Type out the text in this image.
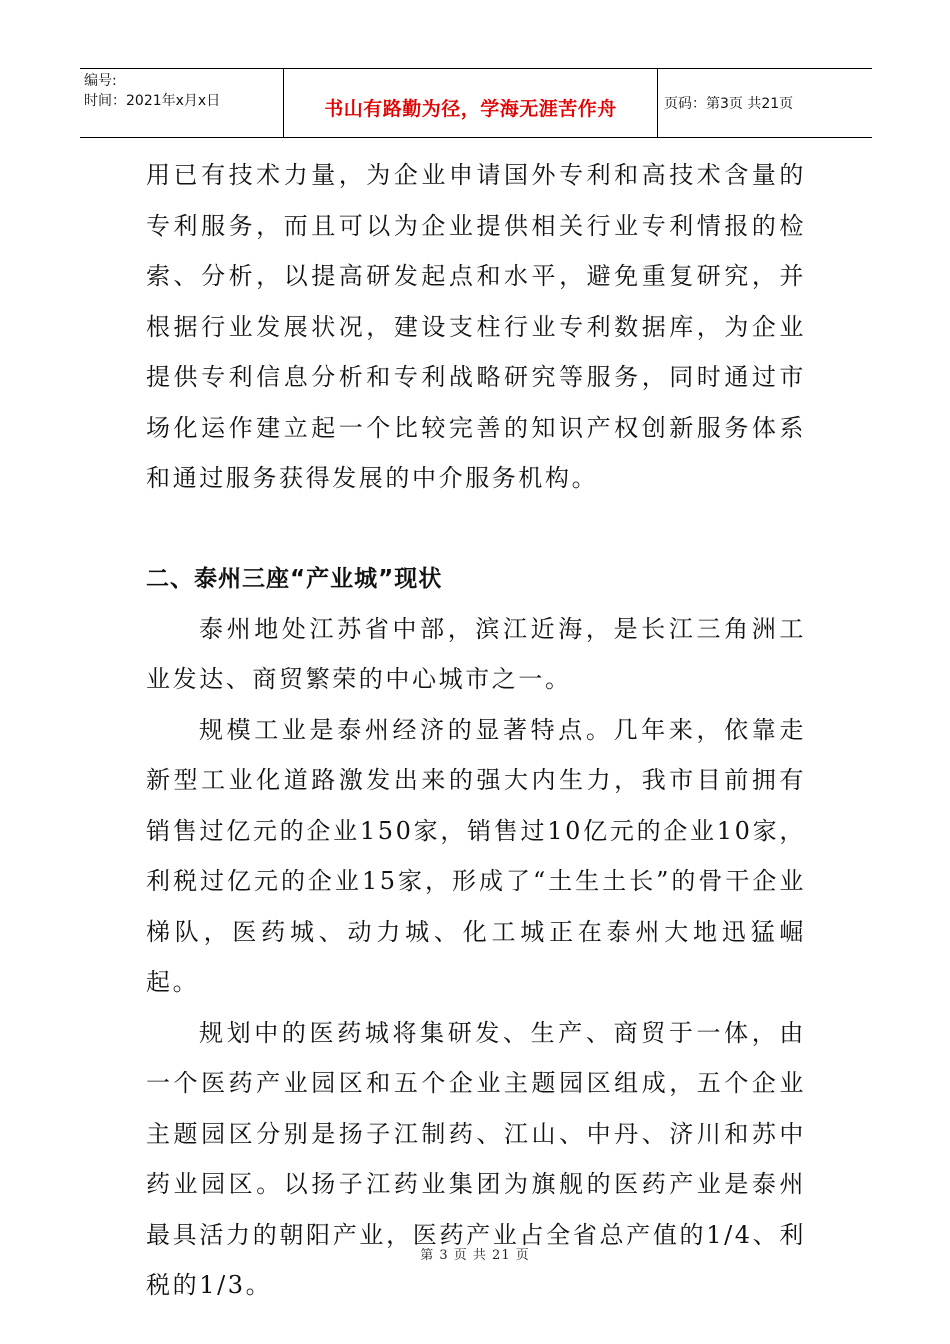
编号:
时间：2021年x月x日	书山有路勤为径，学海无涯苦作舟	页码：第3页 共21页

用已有技术力量，为企业申请国外专利和高技术含量的专利服务，而且可以为企业提供相关行业专利情报的检索、分析，以提高研发起点和水平，避免重复研究，并根据行业发展状况，建设支柱行业专利数据库，为企业提供专利信息分析和专利战略研究等服务，同时通过市场化运作建立起一个比较完善的知识产权创新服务体系和通过服务获得发展的中介服务机构。

二、泰州三座“产业城”现状

泰州地处江苏省中部，滨江近海，是长江三角洲工业发达、商贸繁荣的中心城市之一。

规模工业是泰州经济的显著特点。几年来，依靠走新型工业化道路激发出来的强大内生力，我市目前拥有销售过亿元的企业150家，销售过10亿元的企业10家，利税过亿元的企业15家，形成了“土生土长”的骨干企业梯队，医药城、动力城、化工城正在泰州大地迅猛崛起。

规划中的医药城将集研发、生产、商贸于一体，由一个医药产业园区和五个企业主题园区组成，五个企业主题园区分别是扬子江制药、江山、中丹、济川和苏中药业园区。以扬子江药业集团为旗舰的医药产业是泰州最具活力的朝阳产业，医药产业占全省总产值的1/4、利税的1/3。

第 3 页 共 21 页
